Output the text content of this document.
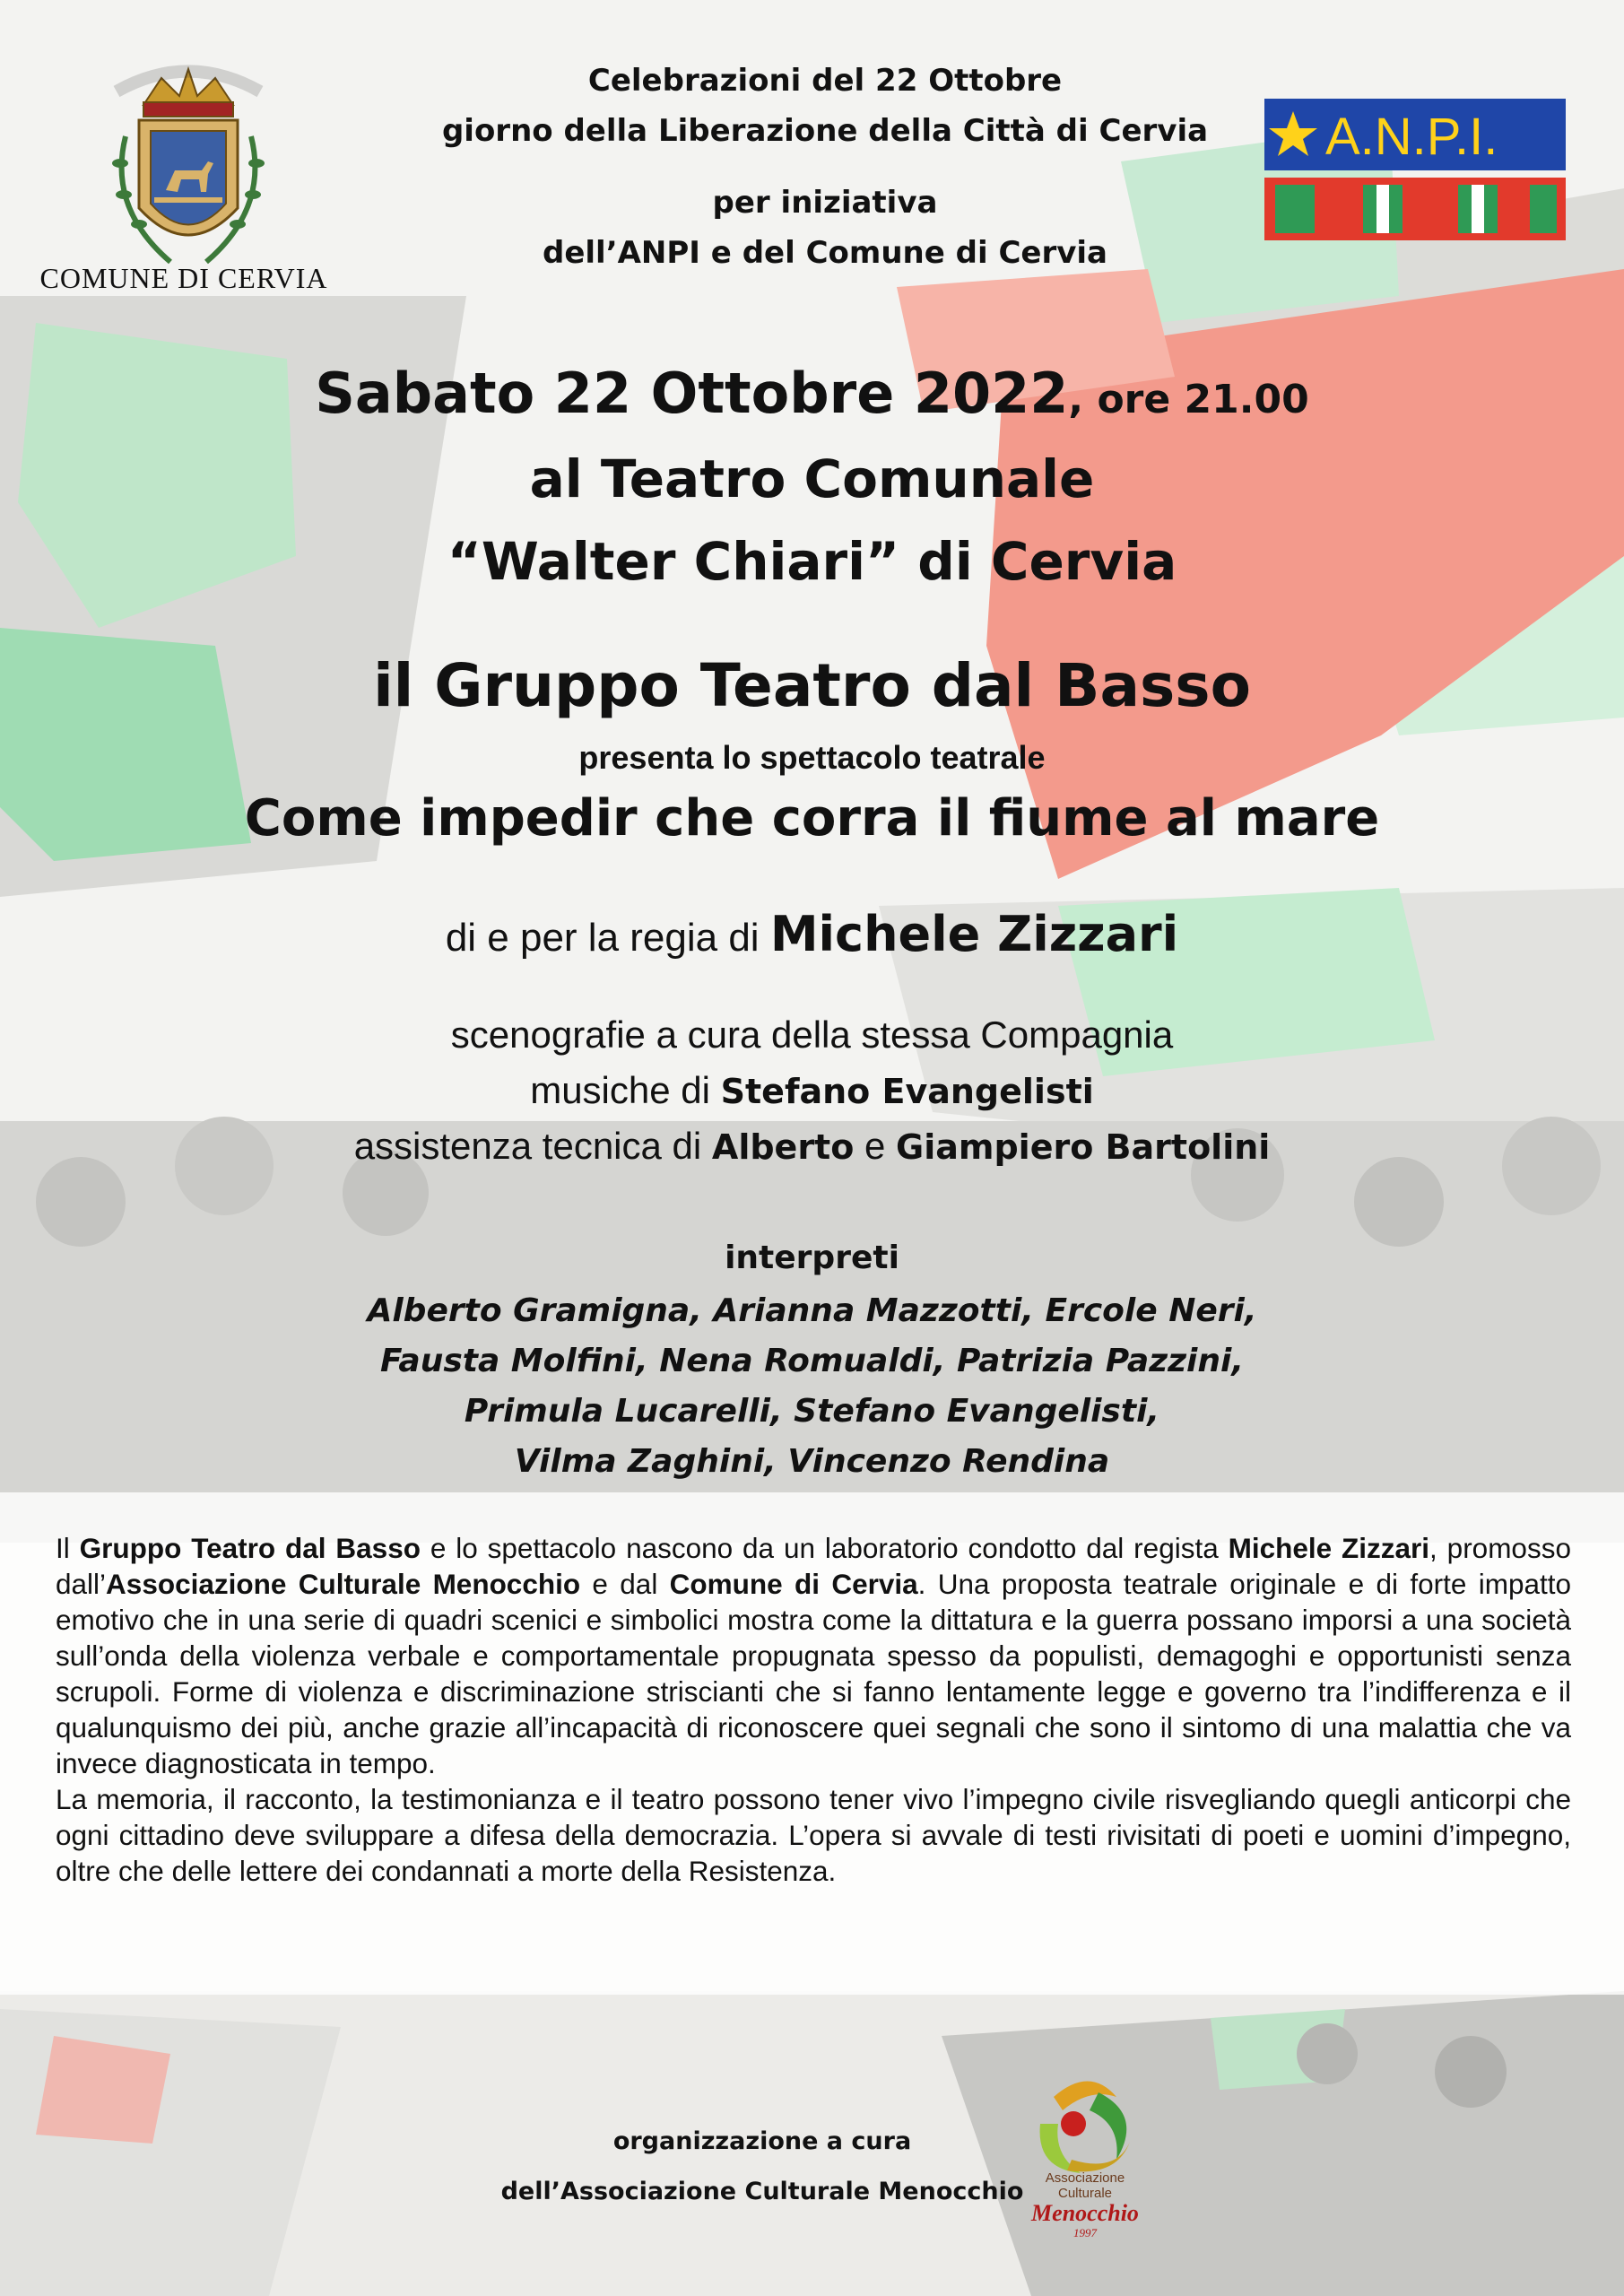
COMUNE DI CERVIA
Celebrazioni del 22 Ottobre
giorno della Liberazione della Città di Cervia
per iniziativa
dell’ANPI e del Comune di Cervia
A.N.P.I.
Sabato 22 Ottobre 2022, ore 21.00
al Teatro Comunale
“Walter Chiari” di Cervia
il Gruppo Teatro dal Basso
presenta lo spettacolo teatrale
Come impedir che corra il fiume al mare
di e per la regia di Michele Zizzari
scenografie a cura della stessa Compagnia
musiche di Stefano Evangelisti
assistenza tecnica di Alberto e Giampiero Bartolini
interpreti
Alberto Gramigna, Arianna Mazzotti, Ercole Neri,
Fausta Molfini, Nena Romualdi, Patrizia Pazzini,
Primula Lucarelli, Stefano Evangelisti,
Vilma Zaghini, Vincenzo Rendina

Il Gruppo Teatro dal Basso e lo spettacolo nascono da un laboratorio condotto dal regista Michele Zizzari, promosso dall’Associazione Culturale Menocchio e dal Comune di Cervia. Una proposta teatrale originale e di forte impatto emotivo che in una serie di quadri scenici e simbolici mostra come la dittatura e la guerra possano imporsi a una società sull’onda della violenza verbale e comportamentale propugnata spesso da populisti, demagoghi e opportunisti senza scrupoli. Forme di violenza e discriminazione striscianti che si fanno lentamente legge e governo tra l’indifferenza e il qualunquismo dei più, anche grazie all’incapacità di riconoscere quei segnali che sono il sintomo di una malattia che va invece diagnosticata in tempo.

La memoria, il racconto, la testimonianza e il teatro possono tener vivo l’impegno civile risvegliando quegli anticorpi che ogni cittadino deve sviluppare a difesa della democrazia. L’opera si avvale di testi rivisitati di poeti e uomini d’impegno, oltre che delle lettere dei condannati a morte della Resistenza.

organizzazione a cura
dell’Associazione Culturale Menocchio	Associazione
Culturale
Menocchio
1997
